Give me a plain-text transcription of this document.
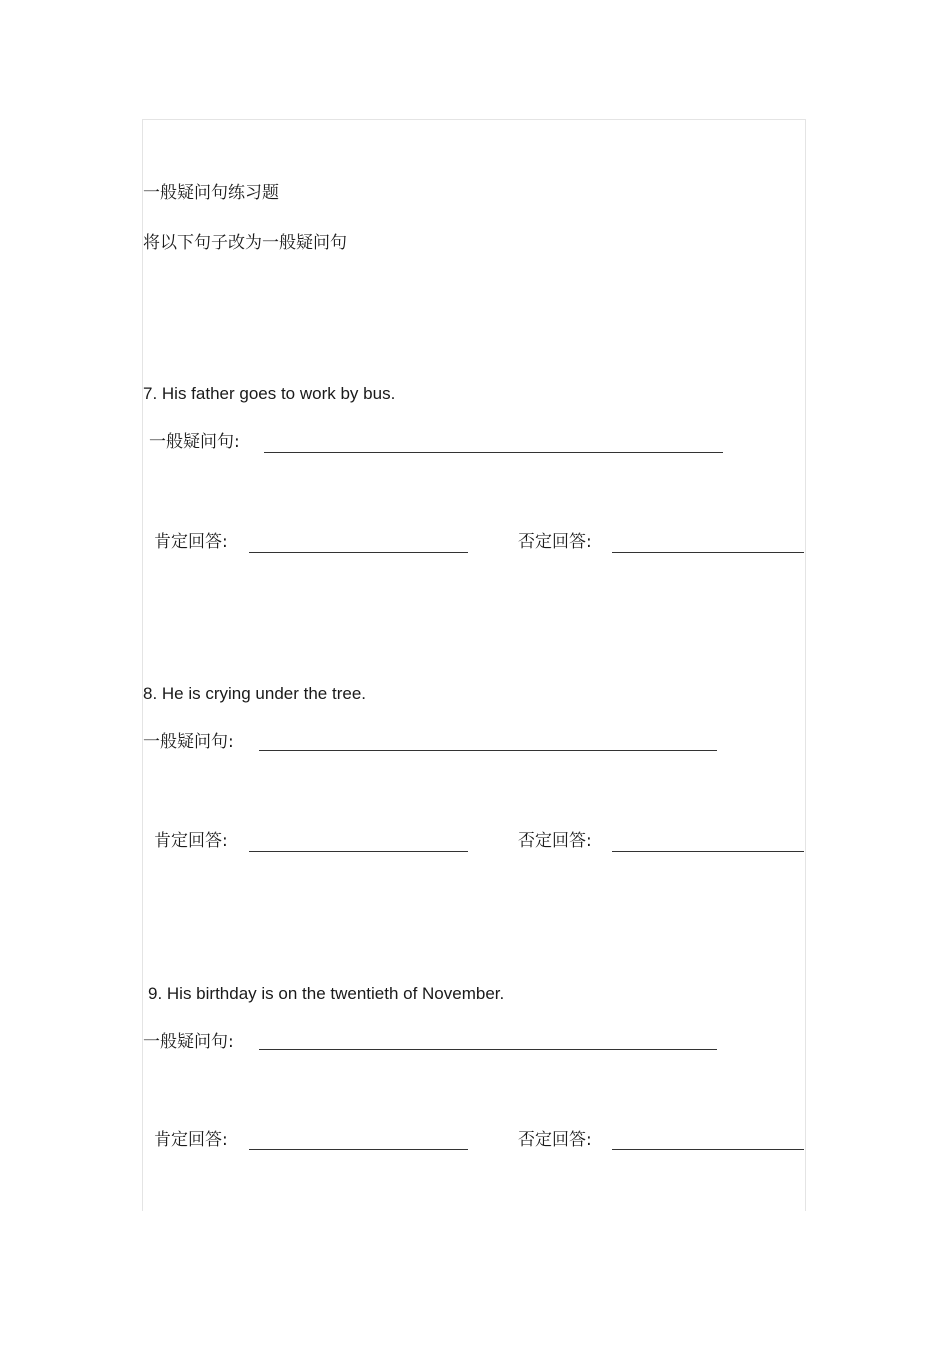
一般疑问句练习题
将以下句子改为一般疑问句
7. His father goes to work by bus.
一般疑问句:
肯定回答:	否定回答:
8. He is crying under the tree.
一般疑问句:
肯定回答:	否定回答:
9. His birthday is on the twentieth of November.
一般疑问句:
肯定回答:	否定回答:
